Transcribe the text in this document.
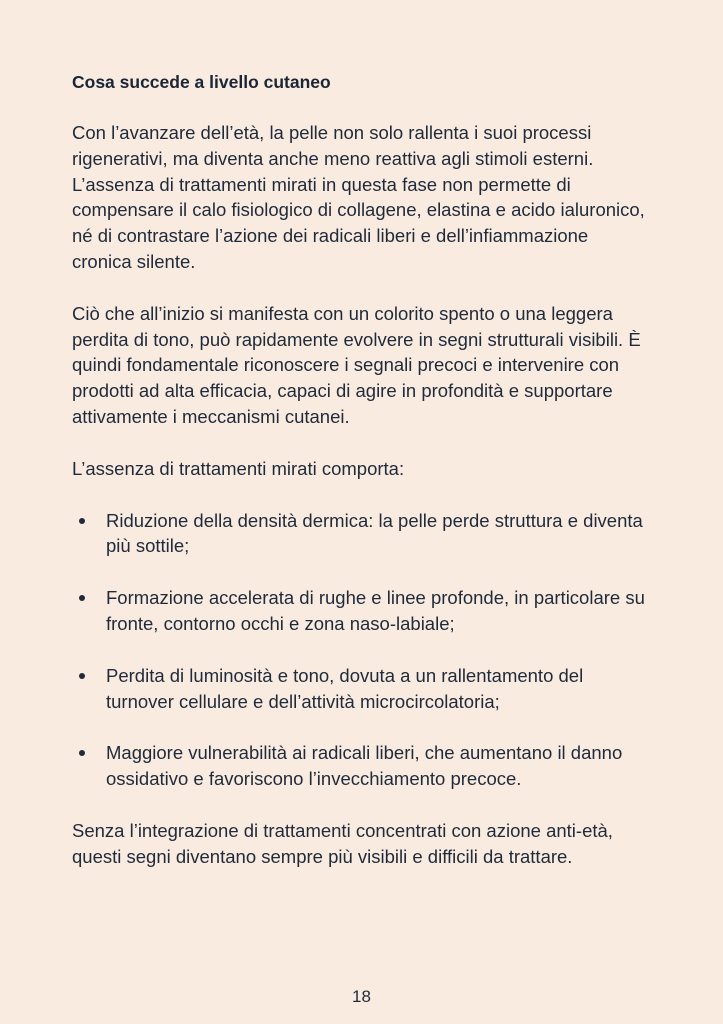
Cosa succede a livello cutaneo

Con l’avanzare dell’età, la pelle non solo rallenta i suoi processi rigenerativi, ma diventa anche meno reattiva agli stimoli esterni. L’assenza di trattamenti mirati in questa fase non permette di compensare il calo fisiologico di collagene, elastina e acido ialuronico, né di contrastare l’azione dei radicali liberi e dell’infiammazione cronica silente.

Ciò che all’inizio si manifesta con un colorito spento o una leggera perdita di tono, può rapidamente evolvere in segni strutturali visibili. È quindi fondamentale riconoscere i segnali precoci e intervenire con prodotti ad alta efficacia, capaci di agire in profondità e supportare attivamente i meccanismi cutanei.

L’assenza di trattamenti mirati comporta:

Riduzione della densità dermica: la pelle perde struttura e diventa più sottile;
Formazione accelerata di rughe e linee profonde, in particolare su fronte, contorno occhi e zona naso-labiale;
Perdita di luminosità e tono, dovuta a un rallentamento del turnover cellulare e dell’attività microcircolatoria;
Maggiore vulnerabilità ai radicali liberi, che aumentano il danno ossidativo e favoriscono l’invecchiamento precoce.

Senza l’integrazione di trattamenti concentrati con azione anti-età, questi segni diventano sempre più visibili e difficili da trattare.

18
